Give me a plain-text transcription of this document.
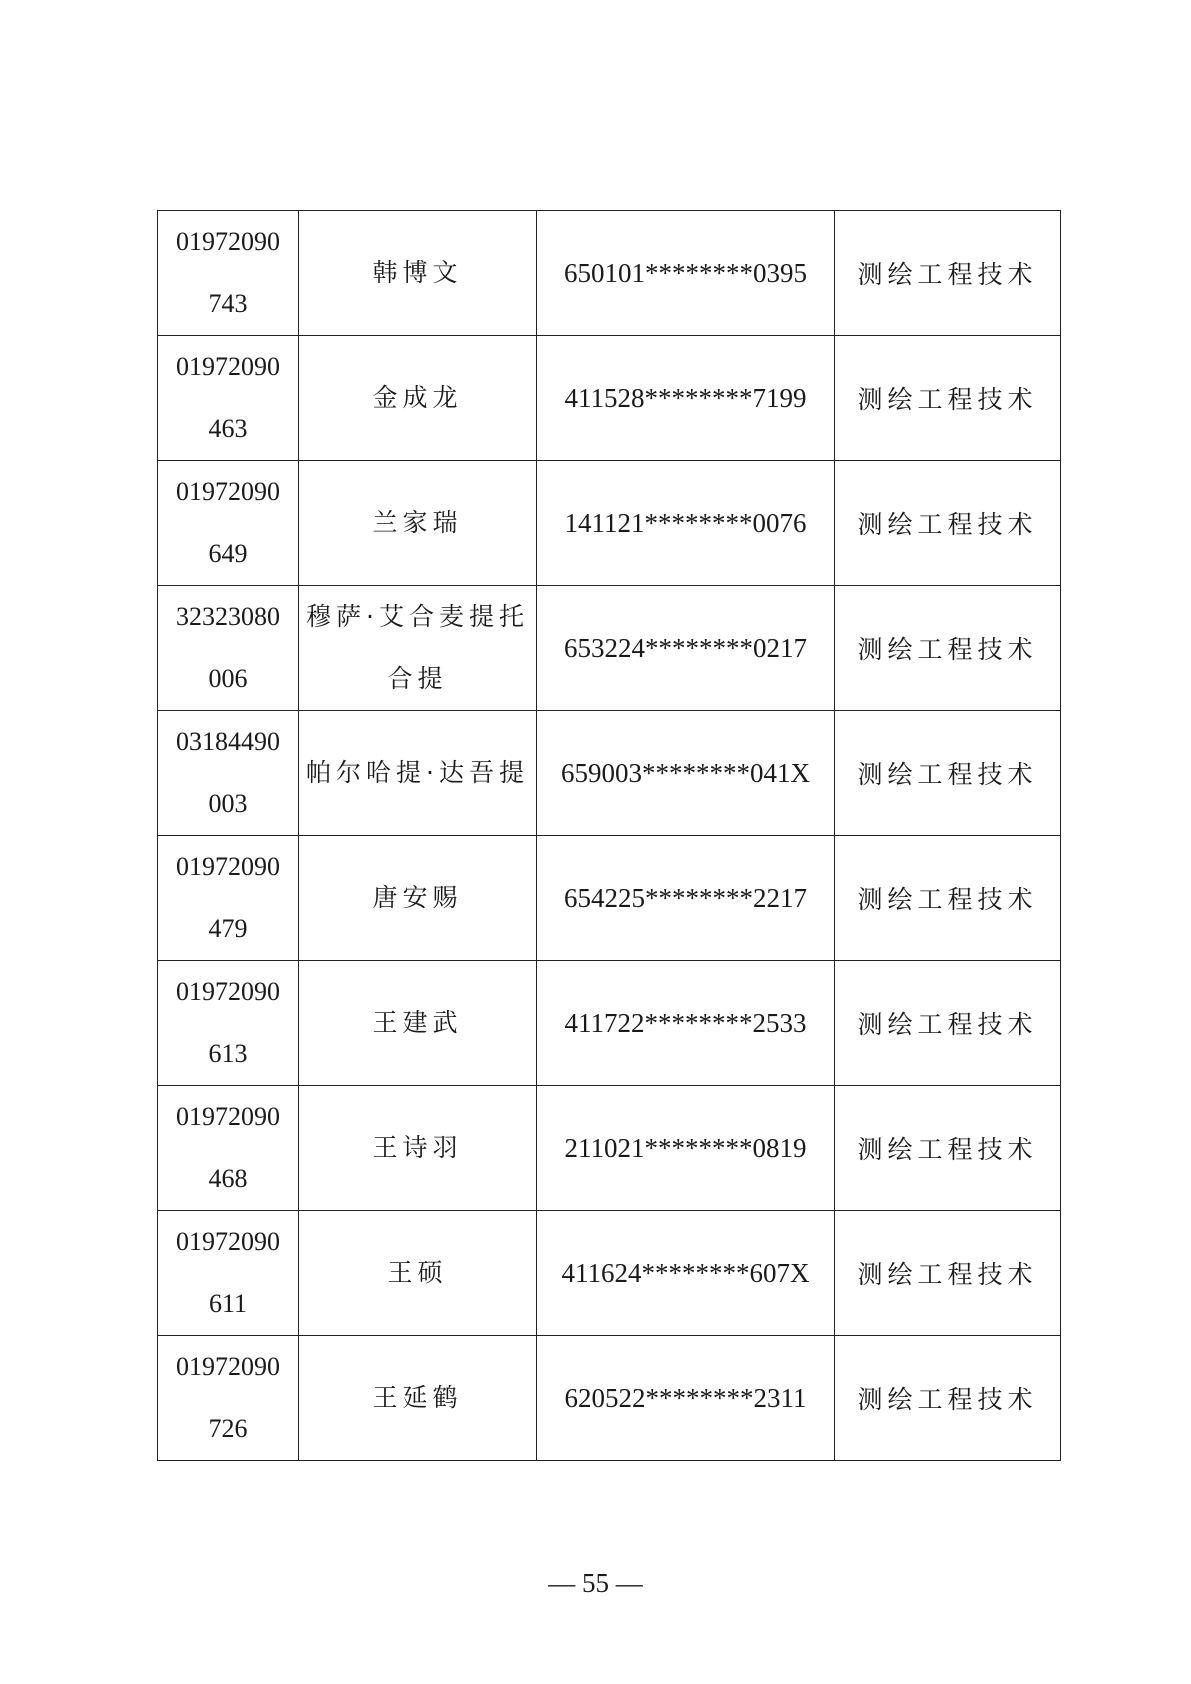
01972090
743	韩博文	650101********0395	测绘工程技术

01972090
463	金成龙	411528********7199	测绘工程技术

01972090
649	兰家瑞	141121********0076	测绘工程技术

32323080
006	穆萨·艾合麦提托合提	653224********0217	测绘工程技术

03184490
003	帕尔哈提·达吾提	659003********041X	测绘工程技术

01972090
479	唐安赐	654225********2217	测绘工程技术

01972090
613	王建武	411722********2533	测绘工程技术

01972090
468	王诗羽	211021********0819	测绘工程技术

01972090
611	王硕	411624********607X	测绘工程技术

01972090
726	王延鹤	620522********2311	测绘工程技术
— 55 —
